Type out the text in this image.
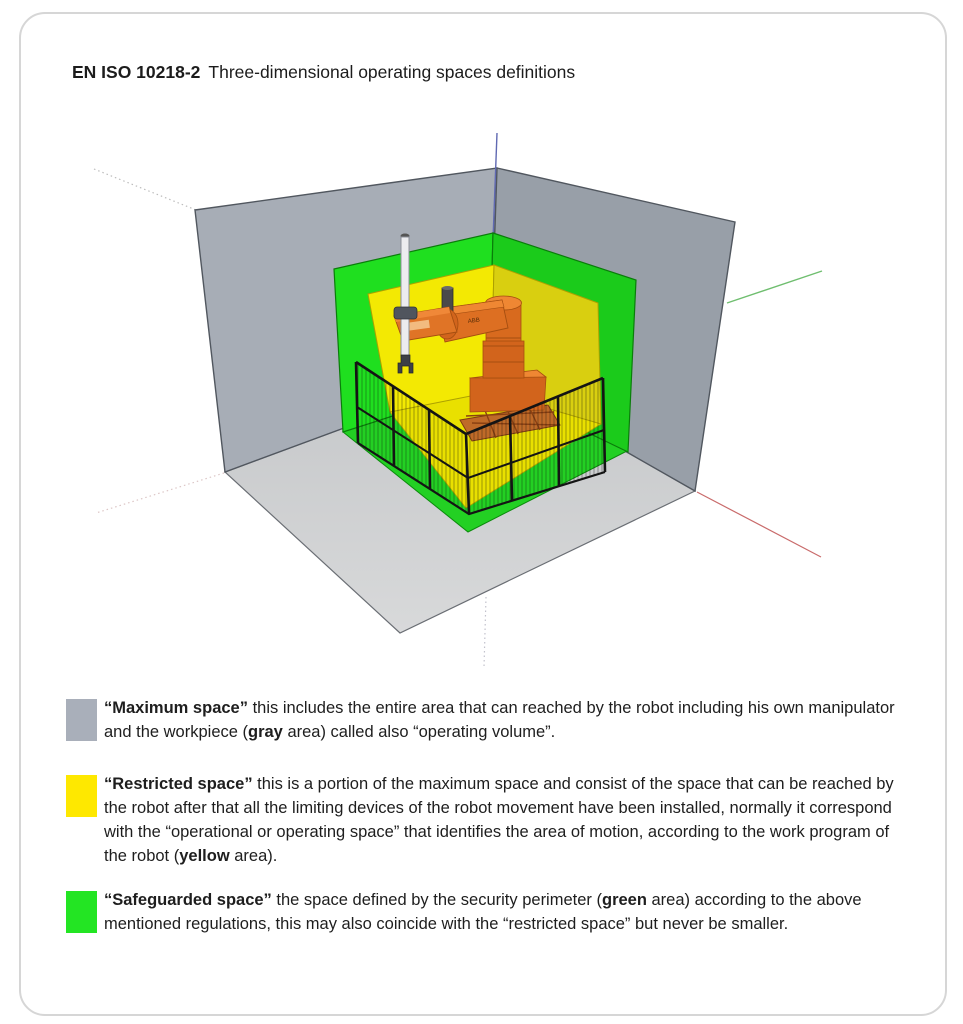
EN ISO 10218-2 Three-dimensional operating spaces definitions
ABB
“Maximum space” this includes the entire area that can reached by the robot including his own manipulator and the workpiece (gray area) called also “operating volume”.
“Restricted space” this is a portion of the maximum space and consist of the space that can be reached by the robot after that all the limiting devices of the robot movement have been installed, normally it correspond with the “operational or operating space” that identifies the area of motion, according to the work program of the robot (yellow area).
“Safeguarded space” the space defined by the security perimeter (green area) according to the above mentioned regulations, this may also coincide with the “restricted space” but never be smaller.
